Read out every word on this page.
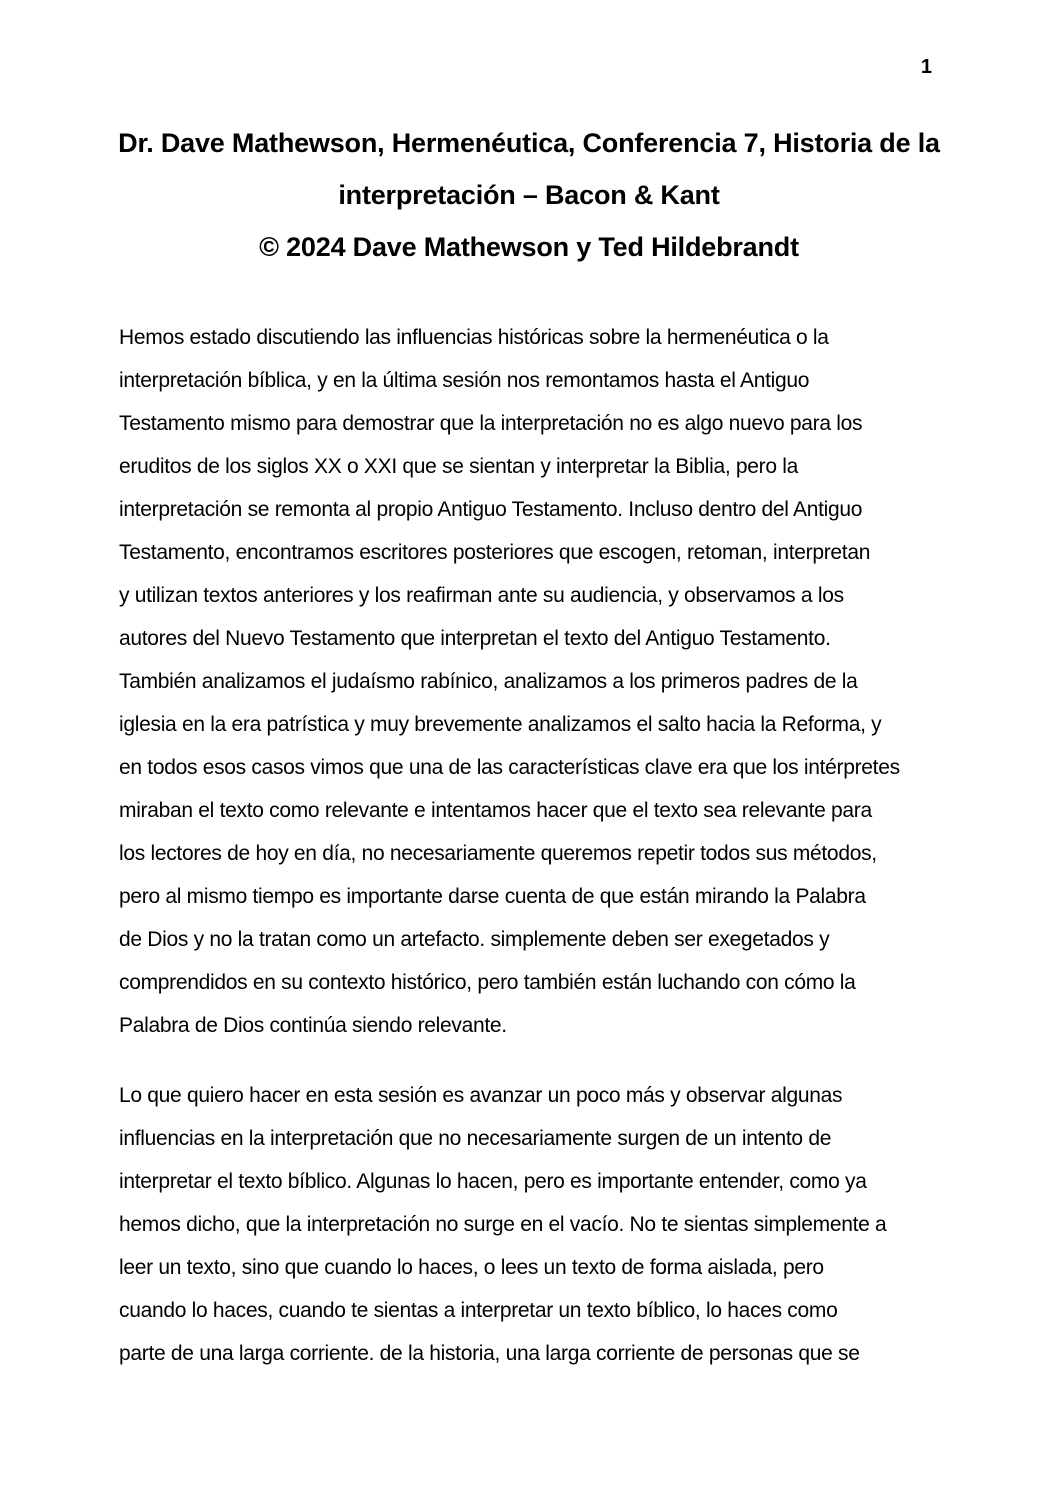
1
Dr. Dave Mathewson, Hermenéutica, Conferencia 7, Historia de la
interpretación – Bacon & Kant
© 2024 Dave Mathewson y Ted Hildebrandt
Hemos estado discutiendo las influencias históricas sobre la hermenéutica o la
interpretación bíblica, y en la última sesión nos remontamos hasta el Antiguo
Testamento mismo para demostrar que la interpretación no es algo nuevo para los
eruditos de los siglos XX o XXI que se sientan y interpretar la Biblia, pero la
interpretación se remonta al propio Antiguo Testamento. Incluso dentro del Antiguo
Testamento, encontramos escritores posteriores que escogen, retoman, interpretan
y utilizan textos anteriores y los reafirman ante su audiencia, y observamos a los
autores del Nuevo Testamento que interpretan el texto del Antiguo Testamento.
También analizamos el judaísmo rabínico, analizamos a los primeros padres de la
iglesia en la era patrística y muy brevemente analizamos el salto hacia la Reforma, y
en todos esos casos vimos que una de las características clave era que los intérpretes
miraban el texto como relevante e intentamos hacer que el texto sea relevante para
los lectores de hoy en día, no necesariamente queremos repetir todos sus métodos,
pero al mismo tiempo es importante darse cuenta de que están mirando la Palabra
de Dios y no la tratan como un artefacto. simplemente deben ser exegetados y
comprendidos en su contexto histórico, pero también están luchando con cómo la
Palabra de Dios continúa siendo relevante.
Lo que quiero hacer en esta sesión es avanzar un poco más y observar algunas
influencias en la interpretación que no necesariamente surgen de un intento de
interpretar el texto bíblico. Algunas lo hacen, pero es importante entender, como ya
hemos dicho, que la interpretación no surge en el vacío. No te sientas simplemente a
leer un texto, sino que cuando lo haces, o lees un texto de forma aislada, pero
cuando lo haces, cuando te sientas a interpretar un texto bíblico, lo haces como
parte de una larga corriente. de la historia, una larga corriente de personas que se
